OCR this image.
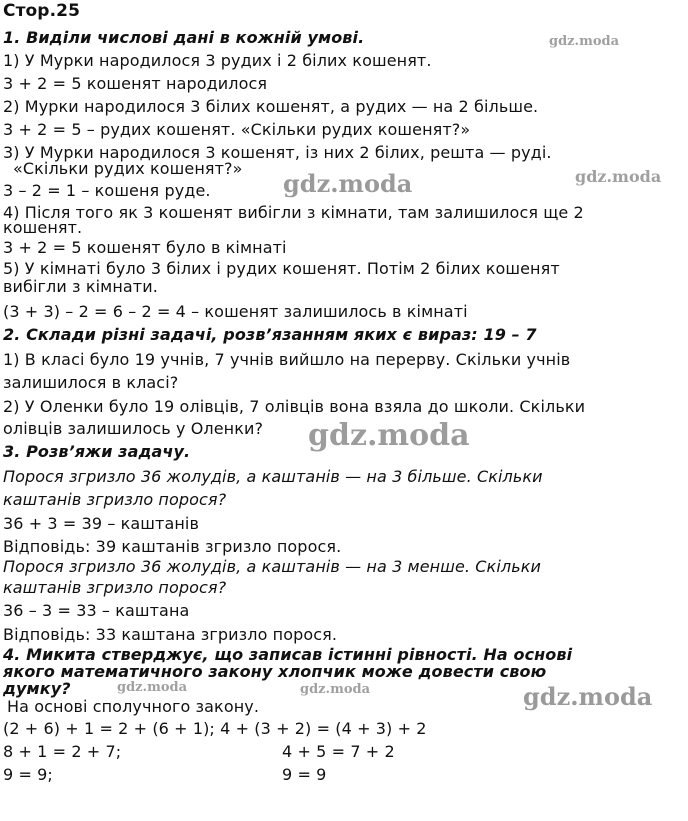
Стор.25
1. Виділи числові дані в кожній умові.
1) У Мурки народилося 3 рудих і 2 білих кошенят.
3 + 2 = 5 кошенят народилося
2) Мурки народилося 3 білих кошенят, а рудих — на 2 більше.
3 + 2 = 5 – рудих кошенят. «Скільки рудих кошенят?»
3) У Мурки народилося 3 кошенят, із них 2 білих, решта — руді.
«Скільки рудих кошенят?»
3 – 2 = 1 – кошеня руде.
4) Після того як 3 кошенят вибігли з кімнати, там залишилося ще 2
кошенят.
3 + 2 = 5 кошенят було в кімнаті
5) У кімнаті було 3 білих і рудих кошенят. Потім 2 білих кошенят
вибігли з кімнати.
(3 + 3) – 2 = 6 – 2 = 4 – кошенят залишилось в кімнаті
2. Склади різні задачі, розв’язанням яких є вираз: 19 – 7
1) В класі було 19 учнів, 7 учнів вийшло на перерву. Скільки учнів
залишилося в класі?
2) У Оленки було 19 олівців, 7 олівців вона взяла до школи. Скільки
олівців залишилось у Оленки?
3. Розв’яжи задачу.
Порося згризло 36 жолудів, а каштанів — на 3 більше. Скільки
каштанів згризло порося?
36 + 3 = 39 – каштанів
Відповідь: 39 каштанів згризло порося.
Порося згризло 36 жолудів, а каштанів — на 3 менше. Скільки
каштанів згризло порося?
36 – 3 = 33 – каштана
Відповідь: 33 каштана згризло порося.
4. Микита стверджує, що записав істинні рівності. На основі
якого математичного закону хлопчик може довести свою
думку?
На основі сполучного закону.
(2 + 6) + 1 = 2 + (6 + 1); 4 + (3 + 2) = (4 + 3) + 2
8 + 1 = 2 + 7;	4 + 5 = 7 + 2
9 = 9;	9 = 9
gdz.moda
gdz.moda	gdz.moda
gdz.moda
gdz.moda	gdz.moda	gdz.moda
